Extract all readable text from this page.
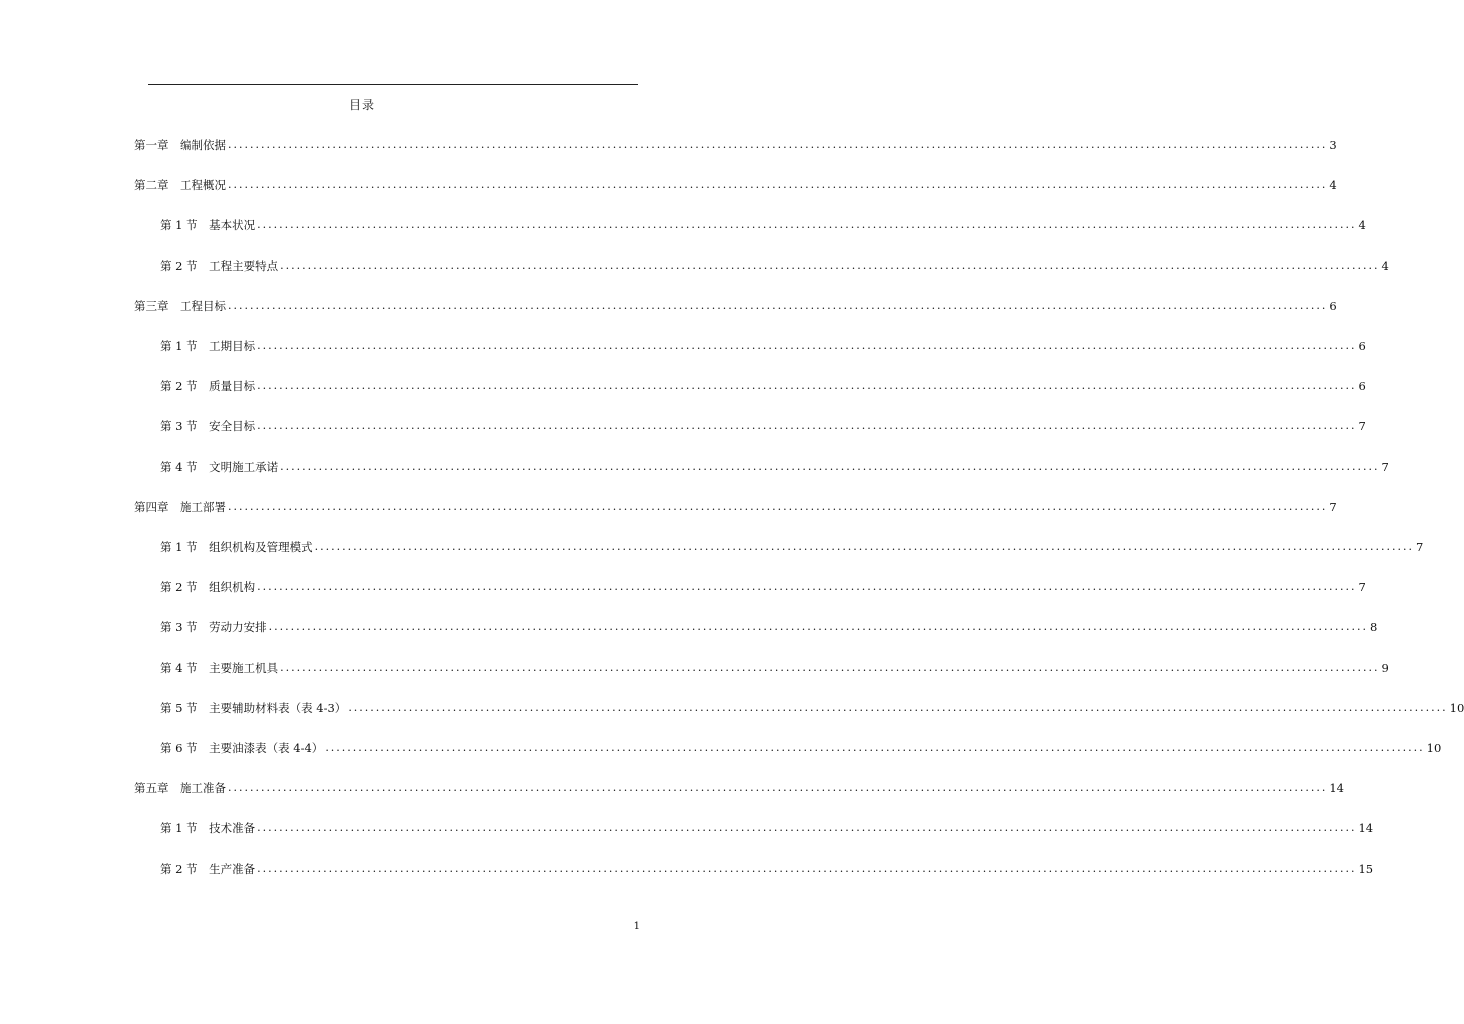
目录
第一章　编制依据 ........................................................................................................................................................................................................ 3
第二章　工程概况 ........................................................................................................................................................................................................ 4
第 1 节　基本状况 ........................................................................................................................................................................................................ 4
第 2 节　工程主要特点 ........................................................................................................................................................................................................ 4
第三章　工程目标 ........................................................................................................................................................................................................ 6
第 1 节　工期目标 ........................................................................................................................................................................................................ 6
第 2 节　质量目标 ........................................................................................................................................................................................................ 6
第 3 节　安全目标 ........................................................................................................................................................................................................ 7
第 4 节　文明施工承诺 ........................................................................................................................................................................................................ 7
第四章　施工部署 ........................................................................................................................................................................................................ 7
第 1 节　组织机构及管理模式 ........................................................................................................................................................................................................ 7
第 2 节　组织机构 ........................................................................................................................................................................................................ 7
第 3 节　劳动力安排 ........................................................................................................................................................................................................ 8
第 4 节　主要施工机具 ........................................................................................................................................................................................................ 9
第 5 节　主要辅助材料表（表 4-3） ........................................................................................................................................................................................................ 10
第 6 节　主要油漆表（表 4-4） ........................................................................................................................................................................................................ 10
第五章　施工准备 ........................................................................................................................................................................................................ 14
第 1 节　技术准备 ........................................................................................................................................................................................................ 14
第 2 节　生产准备 ........................................................................................................................................................................................................ 15
1
